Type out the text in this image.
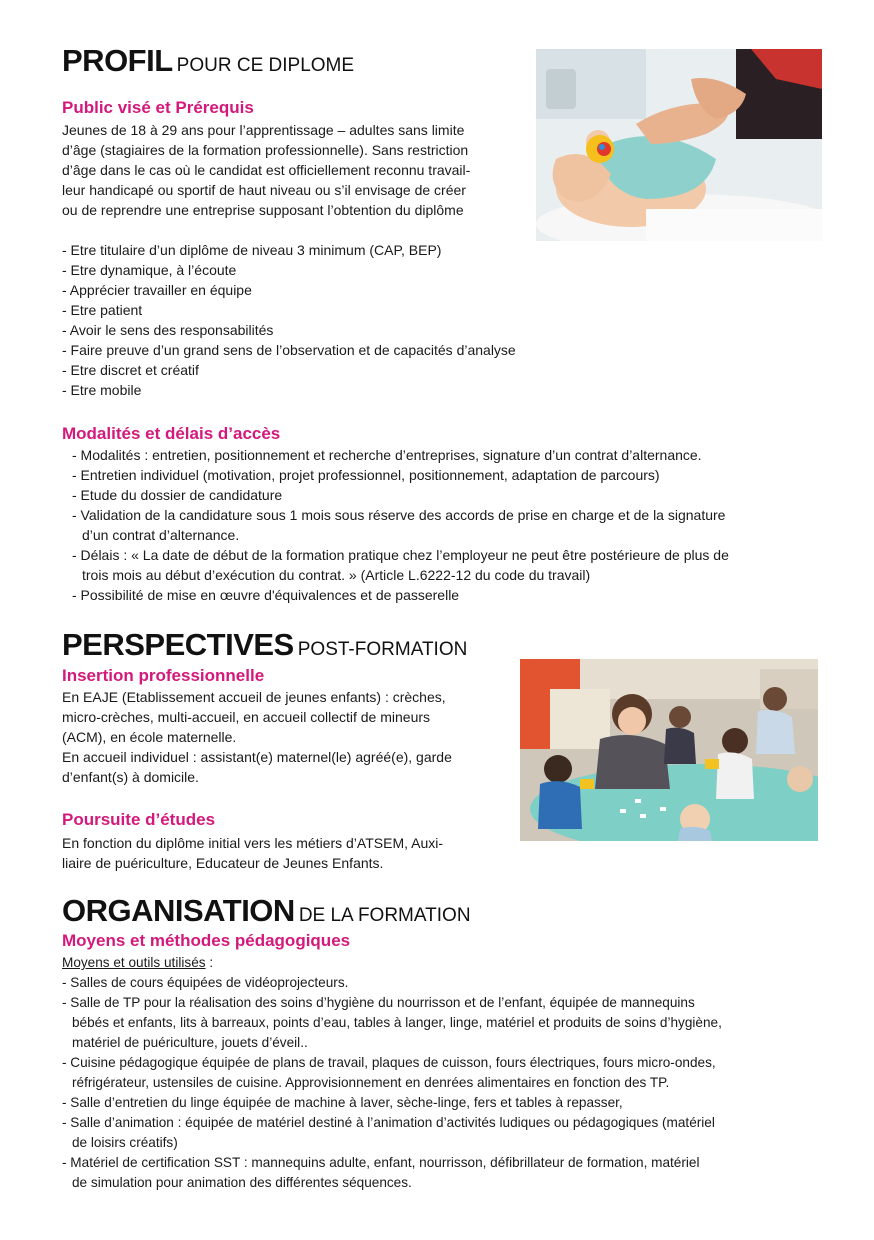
PROFIL POUR CE DIPLOME
Public visé et Prérequis
Jeunes de 18 à 29 ans pour l’apprentissage – adultes sans limite
d’âge (stagiaires de la formation professionnelle). Sans restriction
d’âge dans le cas où le candidat est officiellement reconnu travail-
leur handicapé ou sportif de haut niveau ou s’il envisage de créer
ou de reprendre une entreprise supposant l’obtention du diplôme
- Etre titulaire d’un diplôme de niveau 3 minimum (CAP, BEP)
- Etre dynamique, à l’écoute
- Apprécier travailler en équipe
- Etre patient
- Avoir le sens des responsabilités
- Faire preuve d’un grand sens de l’observation et de capacités d’analyse
- Etre discret et créatif
- Etre mobile
Modalités et délais d’accès
- Modalités : entretien, positionnement et recherche d’entreprises, signature d’un contrat d’alternance.
- Entretien individuel (motivation, projet professionnel, positionnement, adaptation de parcours)
- Etude du dossier de candidature
- Validation de la candidature sous 1 mois sous réserve des accords de prise en charge et de la signature
d’un contrat d’alternance.
- Délais : « La date de début de la formation pratique chez l’employeur ne peut être postérieure de plus de
trois mois au début d’exécution du contrat. » (Article L.6222-12 du code du travail)
- Possibilité de mise en œuvre d'équivalences et de passerelle
PERSPECTIVES POST-FORMATION
Insertion professionnelle
En EAJE (Etablissement accueil de jeunes enfants) : crèches,
micro-crèches, multi-accueil, en accueil collectif de mineurs
(ACM), en école maternelle.
En accueil individuel : assistant(e) maternel(le) agréé(e), garde
d’enfant(s) à domicile.
Poursuite d’études
En fonction du diplôme initial vers les métiers d’ATSEM, Auxi-
liaire de puériculture, Educateur de Jeunes Enfants.
ORGANISATION DE LA FORMATION
Moyens et méthodes pédagogiques
Moyens et outils utilisés :
- Salles de cours équipées de vidéoprojecteurs.
- Salle de TP pour la réalisation des soins d’hygiène du nourrisson et de l’enfant, équipée de mannequins
bébés et enfants, lits à barreaux, points d’eau, tables à langer, linge, matériel et produits de soins d’hygiène,
matériel de puériculture, jouets d’éveil..
- Cuisine pédagogique équipée de plans de travail, plaques de cuisson, fours électriques, fours micro-ondes,
réfrigérateur, ustensiles de cuisine. Approvisionnement en denrées alimentaires en fonction des TP.
- Salle d’entretien du linge équipée de machine à laver, sèche-linge, fers et tables à repasser,
- Salle d’animation : équipée de matériel destiné à l’animation d’activités ludiques ou pédagogiques (matériel
de loisirs créatifs)
- Matériel de certification SST : mannequins adulte, enfant, nourrisson, défibrillateur de formation, matériel
de simulation pour animation des différentes séquences.
